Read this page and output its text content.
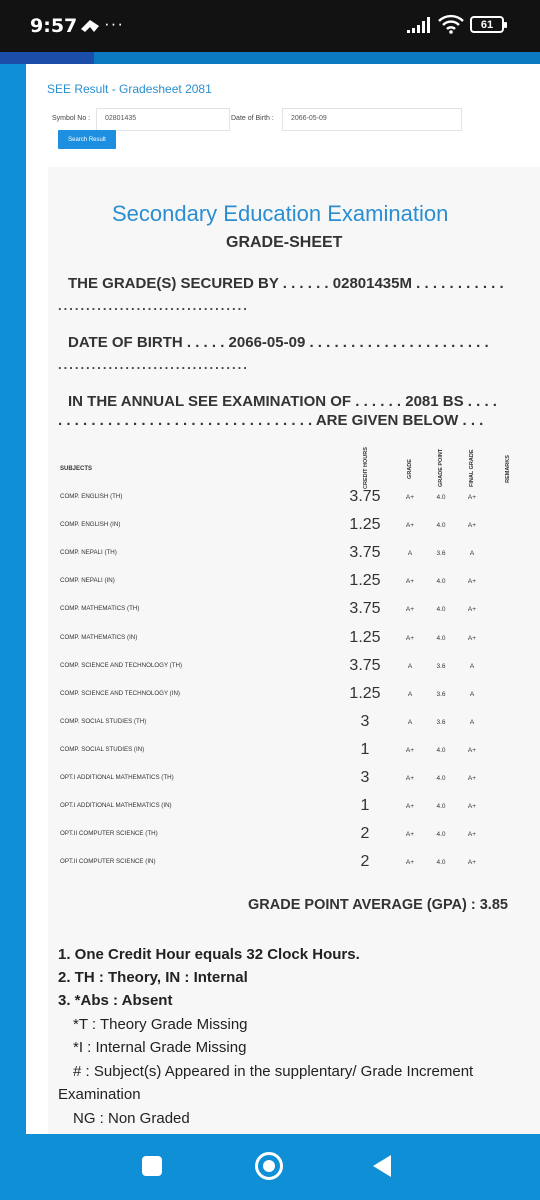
9:57 ···	61
SEE Result - Gradesheet 2081
Symbol No :	02801435	Date of Birth :	2066-05-09
Search Result
Secondary Education Examination
GRADE-SHEET
THE GRADE(S) SECURED BY . . . . . . 02801435M . . . . . . . . . . .
..................................
DATE OF BIRTH . . . . . 2066-05-09 . . . . . . . . . . . . . . . . . . . . . .
..................................
IN THE ANNUAL SEE EXAMINATION OF . . . . . . 2081 BS . . . .
. . . . . . . . . . . . . . . . . . . . . . . . . . . . . . . ARE GIVEN BELOW . . .
SUBJECTS	CREDIT HOURS	GRADE	GRADE POINT	FINAL GRADE	REMARKS
COMP. ENGLISH (TH)	3.75	A+	4.0	A+
COMP. ENGLISH (IN)	1.25	A+	4.0	A+
COMP. NEPALI (TH)	3.75	A	3.6	A
COMP. NEPALI (IN)	1.25	A+	4.0	A+
COMP. MATHEMATICS (TH)	3.75	A+	4.0	A+
COMP. MATHEMATICS (IN)	1.25	A+	4.0	A+
COMP. SCIENCE AND TECHNOLOGY (TH)	3.75	A	3.6	A
COMP. SCIENCE AND TECHNOLOGY (IN)	1.25	A	3.6	A
COMP. SOCIAL STUDIES (TH)	3	A	3.6	A
COMP. SOCIAL STUDIES (IN)	1	A+	4.0	A+
OPT.I ADDITIONAL MATHEMATICS (TH)	3	A+	4.0	A+
OPT.I ADDITIONAL MATHEMATICS (IN)	1	A+	4.0	A+
OPT.II COMPUTER SCIENCE (TH)	2	A+	4.0	A+
OPT.II COMPUTER SCIENCE (IN)	2	A+	4.0	A+
GRADE POINT AVERAGE (GPA) : 3.85
1. One Credit Hour equals 32 Clock Hours.
2. TH : Theory, IN : Internal
3. *Abs : Absent
*T : Theory Grade Missing
*I : Internal Grade Missing
# : Subject(s) Appeared in the supplentary/ Grade Increment
Examination
NG : Non Graded
